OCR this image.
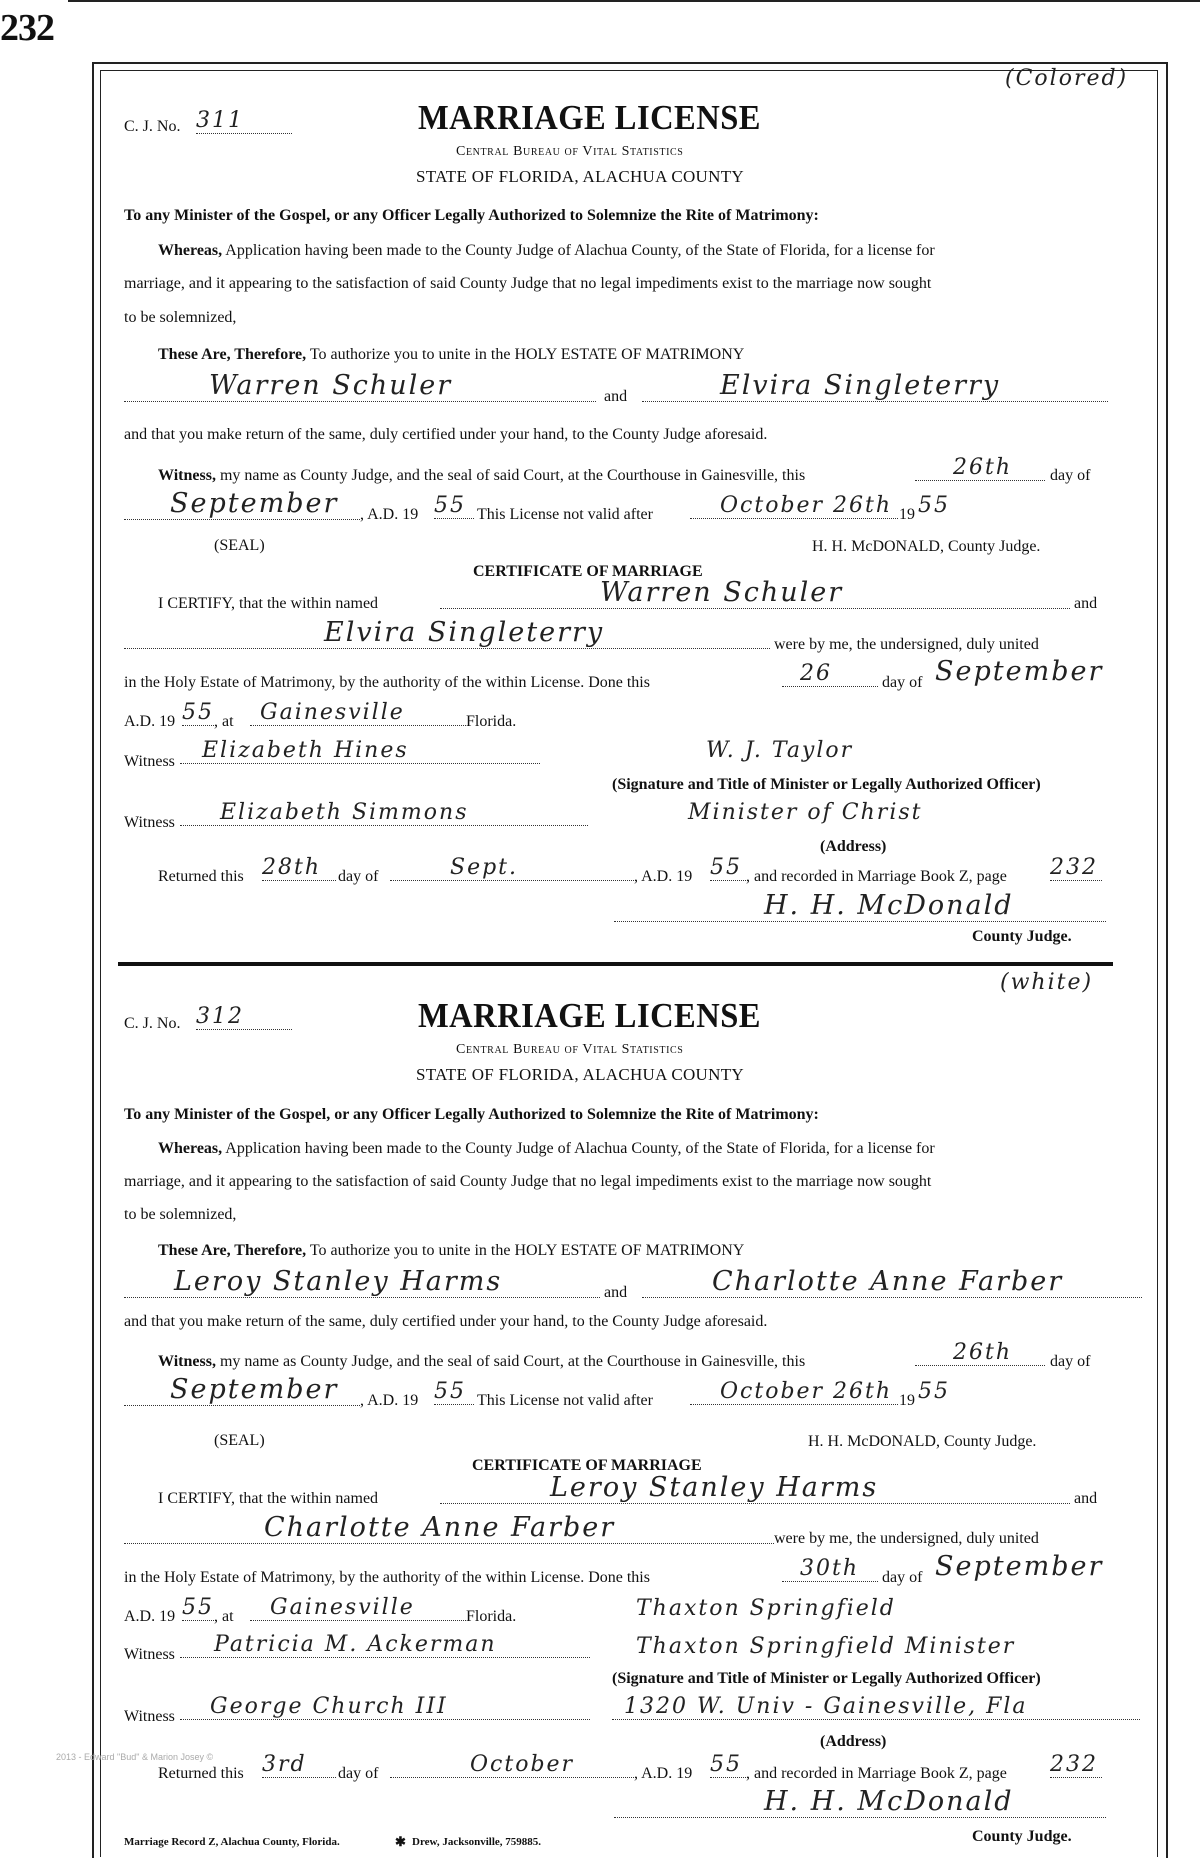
232
(Colored)
C. J. No. 311	MARRIAGE LICENSE
Central Bureau of Vital Statistics
STATE OF FLORIDA, ALACHUA COUNTY
To any Minister of the Gospel, or any Officer Legally Authorized to Solemnize the Rite of Matrimony:
Whereas, Application having been made to the County Judge of Alachua County, of the State of Florida, for a license for
marriage, and it appearing to the satisfaction of said County Judge that no legal impediments exist to the marriage now sought
to be solemnized,
These Are, Therefore, To authorize you to unite in the HOLY ESTATE OF MATRIMONY
Warren Schuler	and	Elvira Singleterry
and that you make return of the same, duly certified under your hand, to the County Judge aforesaid.
Witness, my name as County Judge, and the seal of said Court, at the Courthouse in Gainesville, this	26th	day of
September	, A.D. 19 55 This License not valid after	October 26th 19 55
(SEAL)	H. H. McDONALD, County Judge.
CERTIFICATE OF MARRIAGE
I CERTIFY, that the within named	Warren Schuler	and
Elvira Singleterry	were by me, the undersigned, duly united
in the Holy Estate of Matrimony, by the authority of the within License. Done this	26	day of September
A.D. 19 55 , at	Gainesville	Florida.
Witness	Elizabeth Hines	W. J. Taylor
(Signature and Title of Minister or Legally Authorized Officer)
Witness	Elizabeth Simmons	Minister of Christ
(Address)
Returned this 28th	day of	Sept.	, A.D. 19 55 , and recorded in Marriage Book Z, page 232
H. H. McDonald
County Judge.
(white)
C. J. No. 312	MARRIAGE LICENSE
Central Bureau of Vital Statistics
STATE OF FLORIDA, ALACHUA COUNTY
To any Minister of the Gospel, or any Officer Legally Authorized to Solemnize the Rite of Matrimony:
Whereas, Application having been made to the County Judge of Alachua County, of the State of Florida, for a license for
marriage, and it appearing to the satisfaction of said County Judge that no legal impediments exist to the marriage now sought
to be solemnized,
These Are, Therefore, To authorize you to unite in the HOLY ESTATE OF MATRIMONY
Leroy Stanley Harms	and	Charlotte Anne Farber
and that you make return of the same, duly certified under your hand, to the County Judge aforesaid.
Witness, my name as County Judge, and the seal of said Court, at the Courthouse in Gainesville, this	26th	day of
September	, A.D. 19 55 This License not valid after	October 26th 19 55
(SEAL)	H. H. McDONALD, County Judge.
CERTIFICATE OF MARRIAGE
I CERTIFY, that the within named	Leroy Stanley Harms	and
Charlotte Anne Farber	were by me, the undersigned, duly united
in the Holy Estate of Matrimony, by the authority of the within License. Done this	30th	day of September
A.D. 19 55 , at	Gainesville	Florida.	Thaxton Springfield
Witness	Patricia M. Ackerman	Thaxton Springfield Minister
(Signature and Title of Minister or Legally Authorized Officer)
Witness	George Church III	1320 W. Univ - Gainesville, Fla
(Address)
2013 - Edward "Bud" & Marion Josey ©
Returned this 3rd	day of	October	, A.D. 19 55 , and recorded in Marriage Book Z, page 232
H. H. McDonald
County Judge.
Marriage Record Z, Alachua County, Florida.	✱ Drew, Jacksonville, 759885.
